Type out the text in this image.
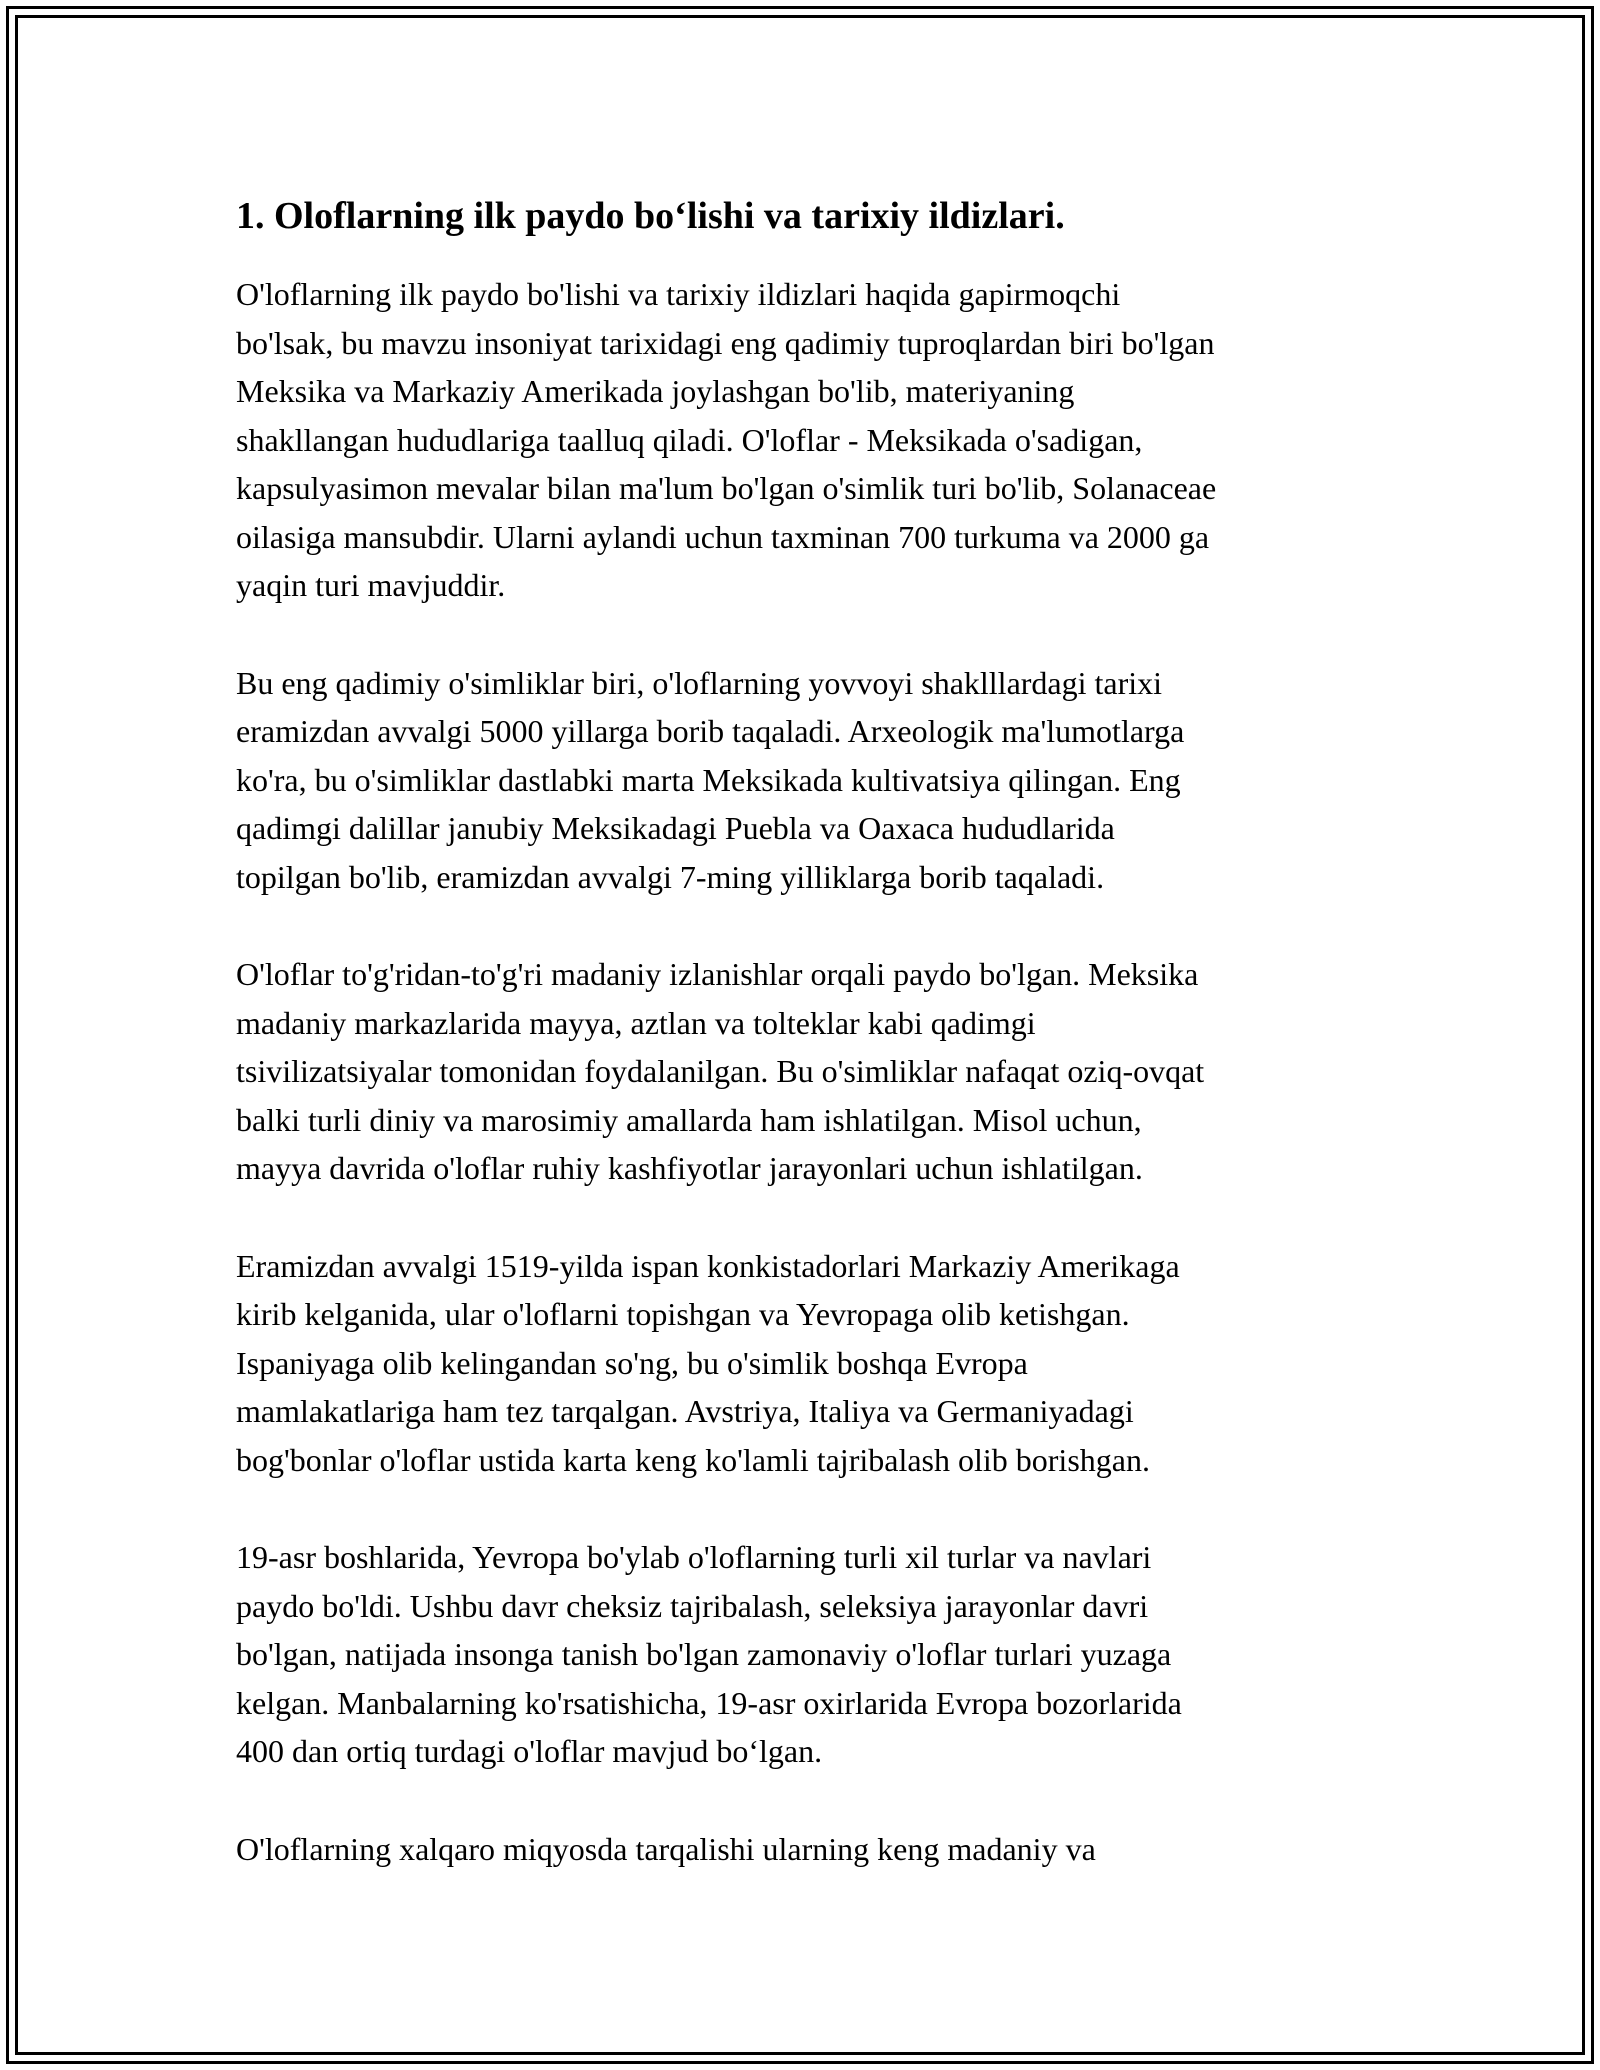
1. Oloflarning ilk paydo bo‘lishi va tarixiy ildizlari.

O'loflarning ilk paydo bo'lishi va tarixiy ildizlari haqida gapirmoqchi
bo'lsak, bu mavzu insoniyat tarixidagi eng qadimiy tuproqlardan biri bo'lgan
Meksika va Markaziy Amerikada joylashgan bo'lib, materiyaning
shakllangan hududlariga taalluq qiladi. O'loflar - Meksikada o'sadigan,
kapsulyasimon mevalar bilan ma'lum bo'lgan o'simlik turi bo'lib, Solanaceae
oilasiga mansubdir. Ularni aylandi uchun taxminan 700 turkuma va 2000 ga
yaqin turi mavjuddir.

Bu eng qadimiy o'simliklar biri, o'loflarning yovvoyi shaklllardagi tarixi
eramizdan avvalgi 5000 yillarga borib taqaladi. Arxeologik ma'lumotlarga
ko'ra, bu o'simliklar dastlabki marta Meksikada kultivatsiya qilingan. Eng
qadimgi dalillar janubiy Meksikadagi Puebla va Oaxaca hududlarida
topilgan bo'lib, eramizdan avvalgi 7-ming yilliklarga borib taqaladi.

O'loflar to'g'ridan-to'g'ri madaniy izlanishlar orqali paydo bo'lgan. Meksika
madaniy markazlarida mayya, aztlan va tolteklar kabi qadimgi
tsivilizatsiyalar tomonidan foydalanilgan. Bu o'simliklar nafaqat oziq-ovqat
balki turli diniy va marosimiy amallarda ham ishlatilgan. Misol uchun,
mayya davrida o'loflar ruhiy kashfiyotlar jarayonlari uchun ishlatilgan.

Eramizdan avvalgi 1519-yilda ispan konkistadorlari Markaziy Amerikaga
kirib kelganida, ular o'loflarni topishgan va Yevropaga olib ketishgan.
Ispaniyaga olib kelingandan so'ng, bu o'simlik boshqa Evropa
mamlakatlariga ham tez tarqalgan. Avstriya, Italiya va Germaniyadagi
bog'bonlar o'loflar ustida karta keng ko'lamli tajribalash olib borishgan.

19-asr boshlarida, Yevropa bo'ylab o'loflarning turli xil turlar va navlari
paydo bo'ldi. Ushbu davr cheksiz tajribalash, seleksiya jarayonlar davri
bo'lgan, natijada insonga tanish bo'lgan zamonaviy o'loflar turlari yuzaga
kelgan. Manbalarning ko'rsatishicha, 19-asr oxirlarida Evropa bozorlarida
400 dan ortiq turdagi o'loflar mavjud bo‘lgan.

O'loflarning xalqaro miqyosda tarqalishi ularning keng madaniy va
